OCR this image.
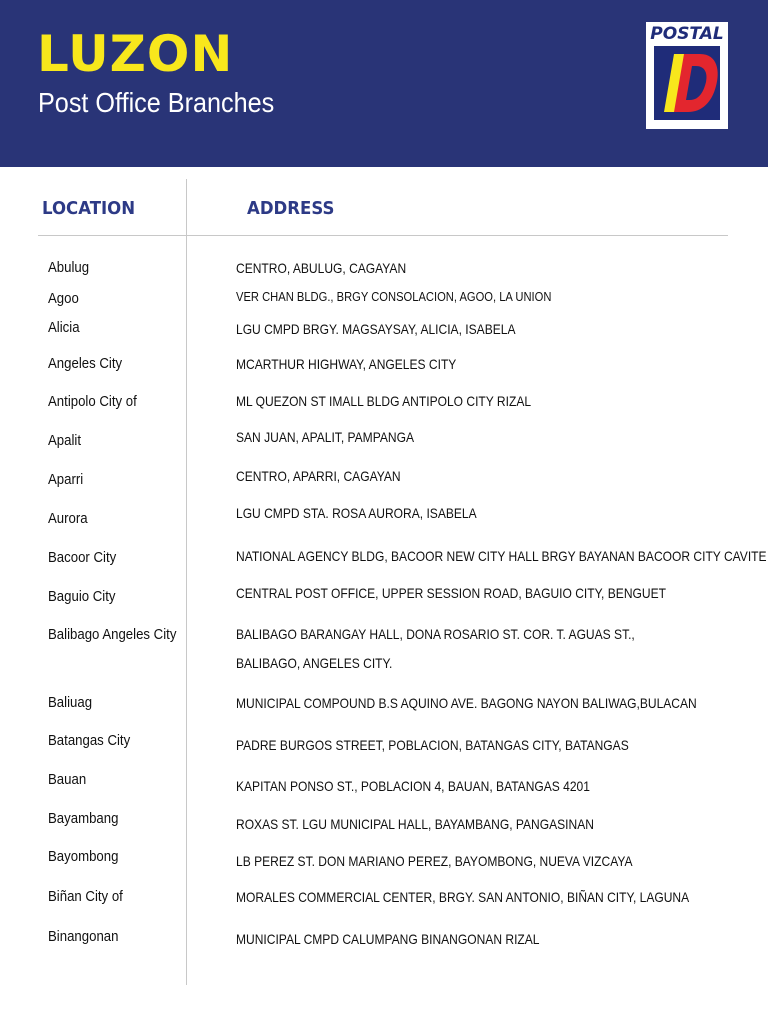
LUZON
Post Office Branches
POSTAL
ID
LOCATION	ADDRESS
Abulug	CENTRO, ABULUG, CAGAYAN
Agoo	VER CHAN BLDG., BRGY CONSOLACION, AGOO, LA UNION
Alicia	LGU CMPD BRGY. MAGSAYSAY, ALICIA, ISABELA
Angeles City	MCARTHUR HIGHWAY, ANGELES CITY
Antipolo City of	ML QUEZON ST IMALL BLDG ANTIPOLO CITY RIZAL
Apalit	SAN JUAN, APALIT, PAMPANGA
Aparri	CENTRO, APARRI, CAGAYAN
Aurora	LGU CMPD STA. ROSA AURORA, ISABELA
Bacoor City	NATIONAL AGENCY BLDG, BACOOR NEW CITY HALL BRGY BAYANAN BACOOR CITY CAVITE
Baguio City	CENTRAL POST OFFICE, UPPER SESSION ROAD, BAGUIO CITY, BENGUET
Balibago Angeles City	BALIBAGO BARANGAY HALL, DONA ROSARIO ST. COR. T. AGUAS ST.,
BALIBAGO, ANGELES CITY.
Baliuag	MUNICIPAL COMPOUND B.S AQUINO AVE. BAGONG NAYON BALIWAG,BULACAN
Batangas City	PADRE BURGOS STREET, POBLACION, BATANGAS CITY, BATANGAS
Bauan	KAPITAN PONSO ST., POBLACION 4, BAUAN, BATANGAS 4201
Bayambang	ROXAS ST. LGU MUNICIPAL HALL, BAYAMBANG, PANGASINAN
Bayombong	LB PEREZ ST. DON MARIANO PEREZ, BAYOMBONG, NUEVA VIZCAYA
Biñan City of	MORALES COMMERCIAL CENTER, BRGY. SAN ANTONIO, BIÑAN CITY, LAGUNA
Binangonan	MUNICIPAL CMPD CALUMPANG BINANGONAN RIZAL
